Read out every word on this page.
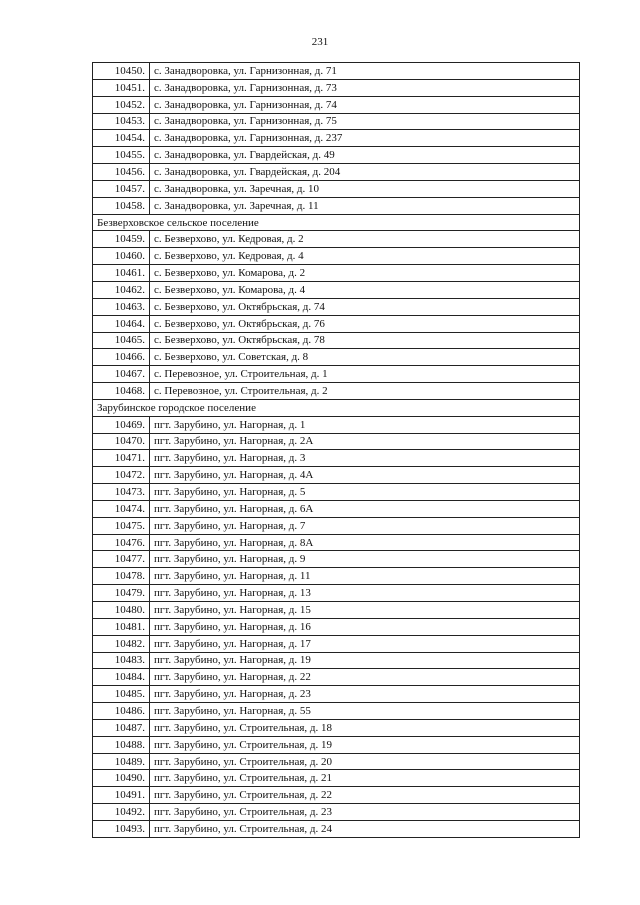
231
10450.	с. Занадворовка, ул. Гарнизонная, д. 71
10451.	с. Занадворовка, ул. Гарнизонная, д. 73
10452.	с. Занадворовка, ул. Гарнизонная, д. 74
10453.	с. Занадворовка, ул. Гарнизонная, д. 75
10454.	с. Занадворовка, ул. Гарнизонная, д. 237
10455.	с. Занадворовка, ул. Гвардейская, д. 49
10456.	с. Занадворовка, ул. Гвардейская, д. 204
10457.	с. Занадворовка, ул. Заречная, д. 10
10458.	с. Занадворовка, ул. Заречная, д. 11
Безверховское сельское поселение	
10459.	с. Безверхово, ул. Кедровая, д. 2
10460.	с. Безверхово, ул. Кедровая, д. 4
10461.	с. Безверхово, ул. Комарова, д. 2
10462.	с. Безверхово, ул. Комарова, д. 4
10463.	с. Безверхово, ул. Октябрьская, д. 74
10464.	с. Безверхово, ул. Октябрьская, д. 76
10465.	с. Безверхово, ул. Октябрьская, д. 78
10466.	с. Безверхово, ул. Советская, д. 8
10467.	с. Перевозное, ул. Строительная, д. 1
10468.	с. Перевозное, ул. Строительная, д. 2
Зарубинское городское поселение	
10469.	пгт. Зарубино, ул. Нагорная, д. 1
10470.	пгт. Зарубино, ул. Нагорная, д. 2А
10471.	пгт. Зарубино, ул. Нагорная, д. 3
10472.	пгт. Зарубино, ул. Нагорная, д. 4А
10473.	пгт. Зарубино, ул. Нагорная, д. 5
10474.	пгт. Зарубино, ул. Нагорная, д. 6А
10475.	пгт. Зарубино, ул. Нагорная, д. 7
10476.	пгт. Зарубино, ул. Нагорная, д. 8А
10477.	пгт. Зарубино, ул. Нагорная, д. 9
10478.	пгт. Зарубино, ул. Нагорная, д. 11
10479.	пгт. Зарубино, ул. Нагорная, д. 13
10480.	пгт. Зарубино, ул. Нагорная, д. 15
10481.	пгт. Зарубино, ул. Нагорная, д. 16
10482.	пгт. Зарубино, ул. Нагорная, д. 17
10483.	пгт. Зарубино, ул. Нагорная, д. 19
10484.	пгт. Зарубино, ул. Нагорная, д. 22
10485.	пгт. Зарубино, ул. Нагорная, д. 23
10486.	пгт. Зарубино, ул. Нагорная, д. 55
10487.	пгт. Зарубино, ул. Строительная, д. 18
10488.	пгт. Зарубино, ул. Строительная, д. 19
10489.	пгт. Зарубино, ул. Строительная, д. 20
10490.	пгт. Зарубино, ул. Строительная, д. 21
10491.	пгт. Зарубино, ул. Строительная, д. 22
10492.	пгт. Зарубино, ул. Строительная, д. 23
10493.	пгт. Зарубино, ул. Строительная, д. 24
